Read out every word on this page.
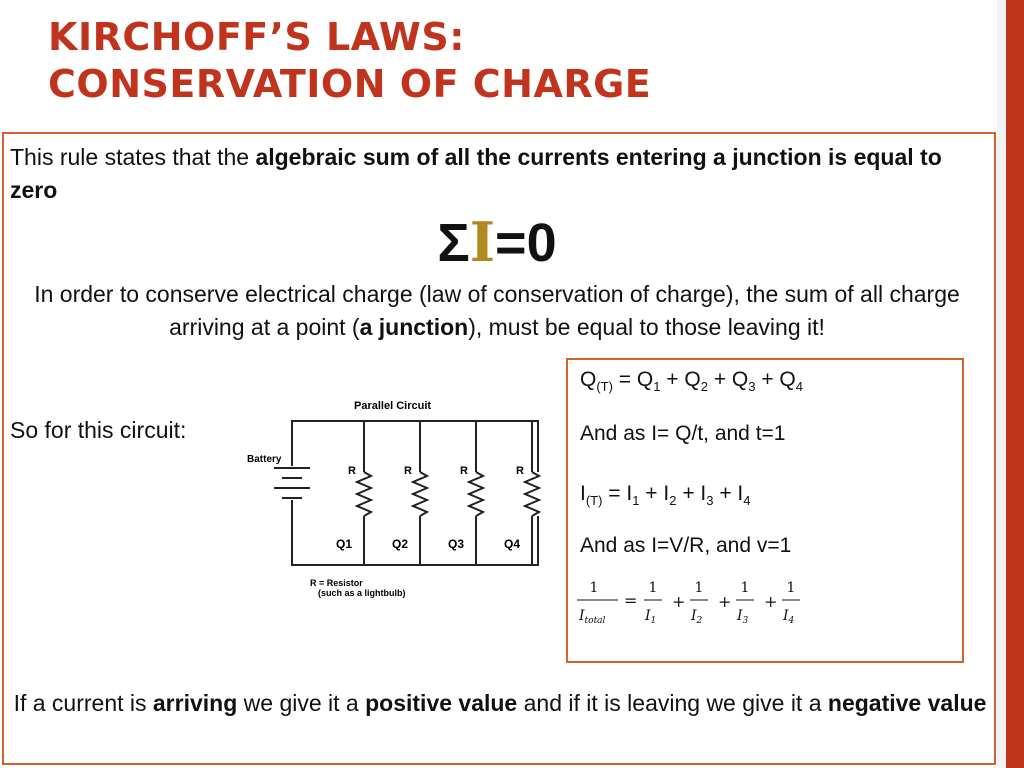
KIRCHOFF’S LAWS:
CONSERVATION OF CHARGE
This rule states that the algebraic sum of all the currents entering a junction is equal to zero
ΣI=0
In order to conserve electrical charge (law of conservation of charge), the sum of all charge arriving at a point (a junction), must be equal to those leaving it!
So for this circuit:
Parallel Circuit
Battery
R
Q1
R
Q2
R
Q3
R
Q4
R = Resistor
(such as a lightbulb)
$Q_{(T)} = Q_1 + Q_2 + Q_3 + Q_4$
And as I= Q/t, and t=1
$I_{(T)} = I_1 + I_2 + I_3 + I_4$
And as I=V/R, and v=1
1
$I_{total}$
=
1
$I_1$
+
1
$I_2$
+
1
$I_3$
+
1
$I_4$
If a current is arriving we give it a positive value and if it is leaving we give it a negative value
